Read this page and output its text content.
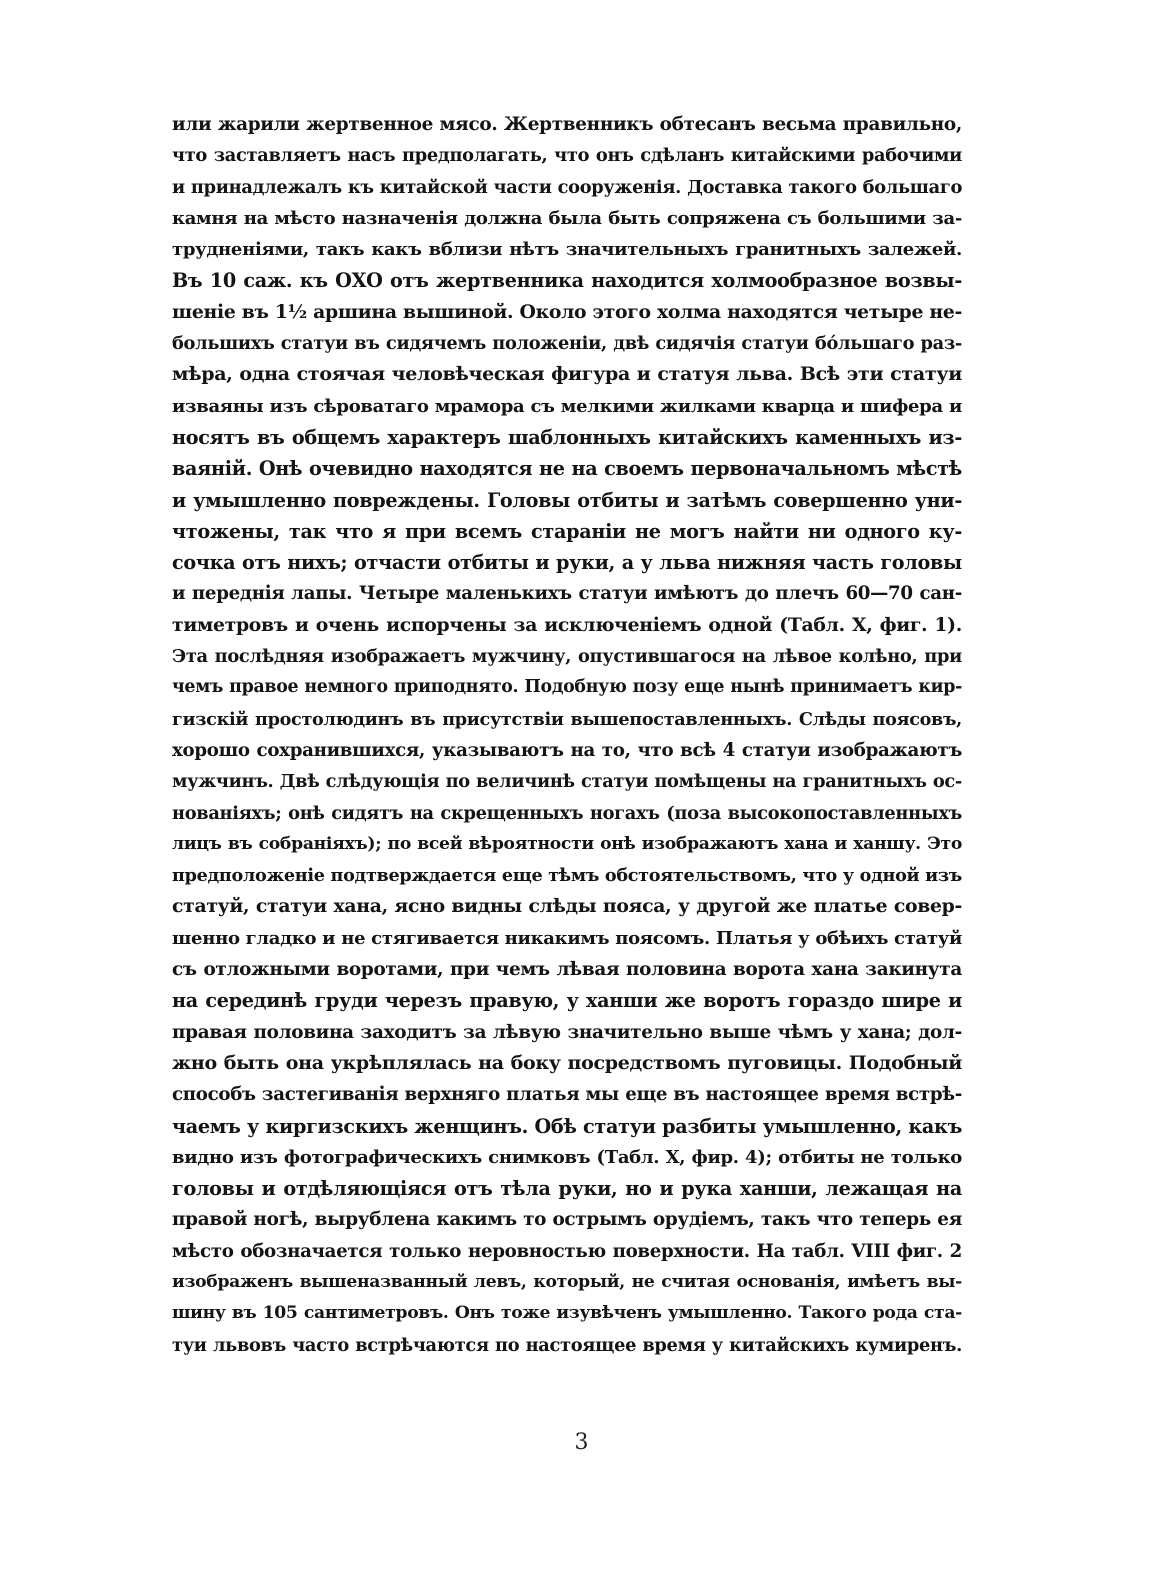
или жарили жертвенное мясо. Жертвенникъ обтесанъ весьма правильно,
что заставляетъ насъ предполагать, что онъ сдѣланъ китайскими рабочими
и принадлежалъ къ китайской части сооруженія. Доставка такого большаго
камня на мѣсто назначенія должна была быть сопряжена съ большими за-
трудненіями, такъ какъ вблизи нѣтъ значительныхъ гранитныхъ залежей.
Въ 10 саж. къ ОХО отъ жертвенника находится холмообразное возвы-
шеніе въ 1½ аршина вышиной. Около этого холма находятся четыре не-
большихъ статуи въ сидячемъ положеніи, двѣ сидячія статуи бóльшаго раз-
мѣра, одна стоячая человѣческая фигура и статуя льва. Всѣ эти статуи
изваяны изъ сѣроватаго мрамора съ мелкими жилками кварца и шифера и
носятъ въ общемъ характеръ шаблонныхъ китайскихъ каменныхъ из-
ваяній. Онѣ очевидно находятся не на своемъ первоначальномъ мѣстѣ
и умышленно повреждены. Головы отбиты и затѣмъ совершенно уни-
чтожены, так что я при всемъ стараніи не могъ найти ни одного ку-
сочка отъ нихъ; отчасти отбиты и руки, а у льва нижняя часть головы
и переднія лапы. Четыре маленькихъ статуи имѣютъ до плечъ 60—70 сан-
тиметровъ и очень испорчены за исключеніемъ одной (Табл. X, фиг. 1).
Эта послѣдняя изображаетъ мужчину, опустившагося на лѣвое колѣно, при
чемъ правое немного приподнято. Подобную позу еще нынѣ принимаетъ кир-
гизскій простолюдинъ въ присутствіи вышепоставленныхъ. Слѣды поясовъ,
хорошо сохранившихся, указываютъ на то, что всѣ 4 статуи изображаютъ
мужчинъ. Двѣ слѣдующія по величинѣ статуи помѣщены на гранитныхъ ос-
нованіяхъ; онѣ сидятъ на скрещенныхъ ногахъ (поза высокопоставленныхъ
лицъ въ собраніяхъ); по всей вѣроятности онѣ изображаютъ хана и ханшу. Это
предположеніе подтверждается еще тѣмъ обстоятельствомъ, что у одной изъ
статуй, статуи хана, ясно видны слѣды пояса, у другой же платье совер-
шенно гладко и не стягивается никакимъ поясомъ. Платья у обѣихъ статуй
съ отложными воротами, при чемъ лѣвая половина ворота хана закинута
на серединѣ груди черезъ правую, у ханши же воротъ гораздо шире и
правая половина заходитъ за лѣвую значительно выше чѣмъ у хана; дол-
жно быть она укрѣплялась на боку посредствомъ пуговицы. Подобный
способъ застегиванія верхняго платья мы еще въ настоящее время встрѣ-
чаемъ у киргизскихъ женщинъ. Обѣ статуи разбиты умышленно, какъ
видно изъ фотографическихъ снимковъ (Табл. X, фир. 4); отбиты не только
головы и отдѣляющіяся отъ тѣла руки, но и рука ханши, лежащая на
правой ногѣ, вырублена какимъ то острымъ орудіемъ, такъ что теперь ея
мѣсто обозначается только неровностью поверхности. На табл. VIII фиг. 2
изображенъ вышеназванный левъ, который, не считая основанія, имѣетъ вы-
шину въ 105 сантиметровъ. Онъ тоже изувѣченъ умышленно. Такого рода ста-
туи львовъ часто встрѣчаются по настоящее время у китайскихъ кумиренъ.
3
